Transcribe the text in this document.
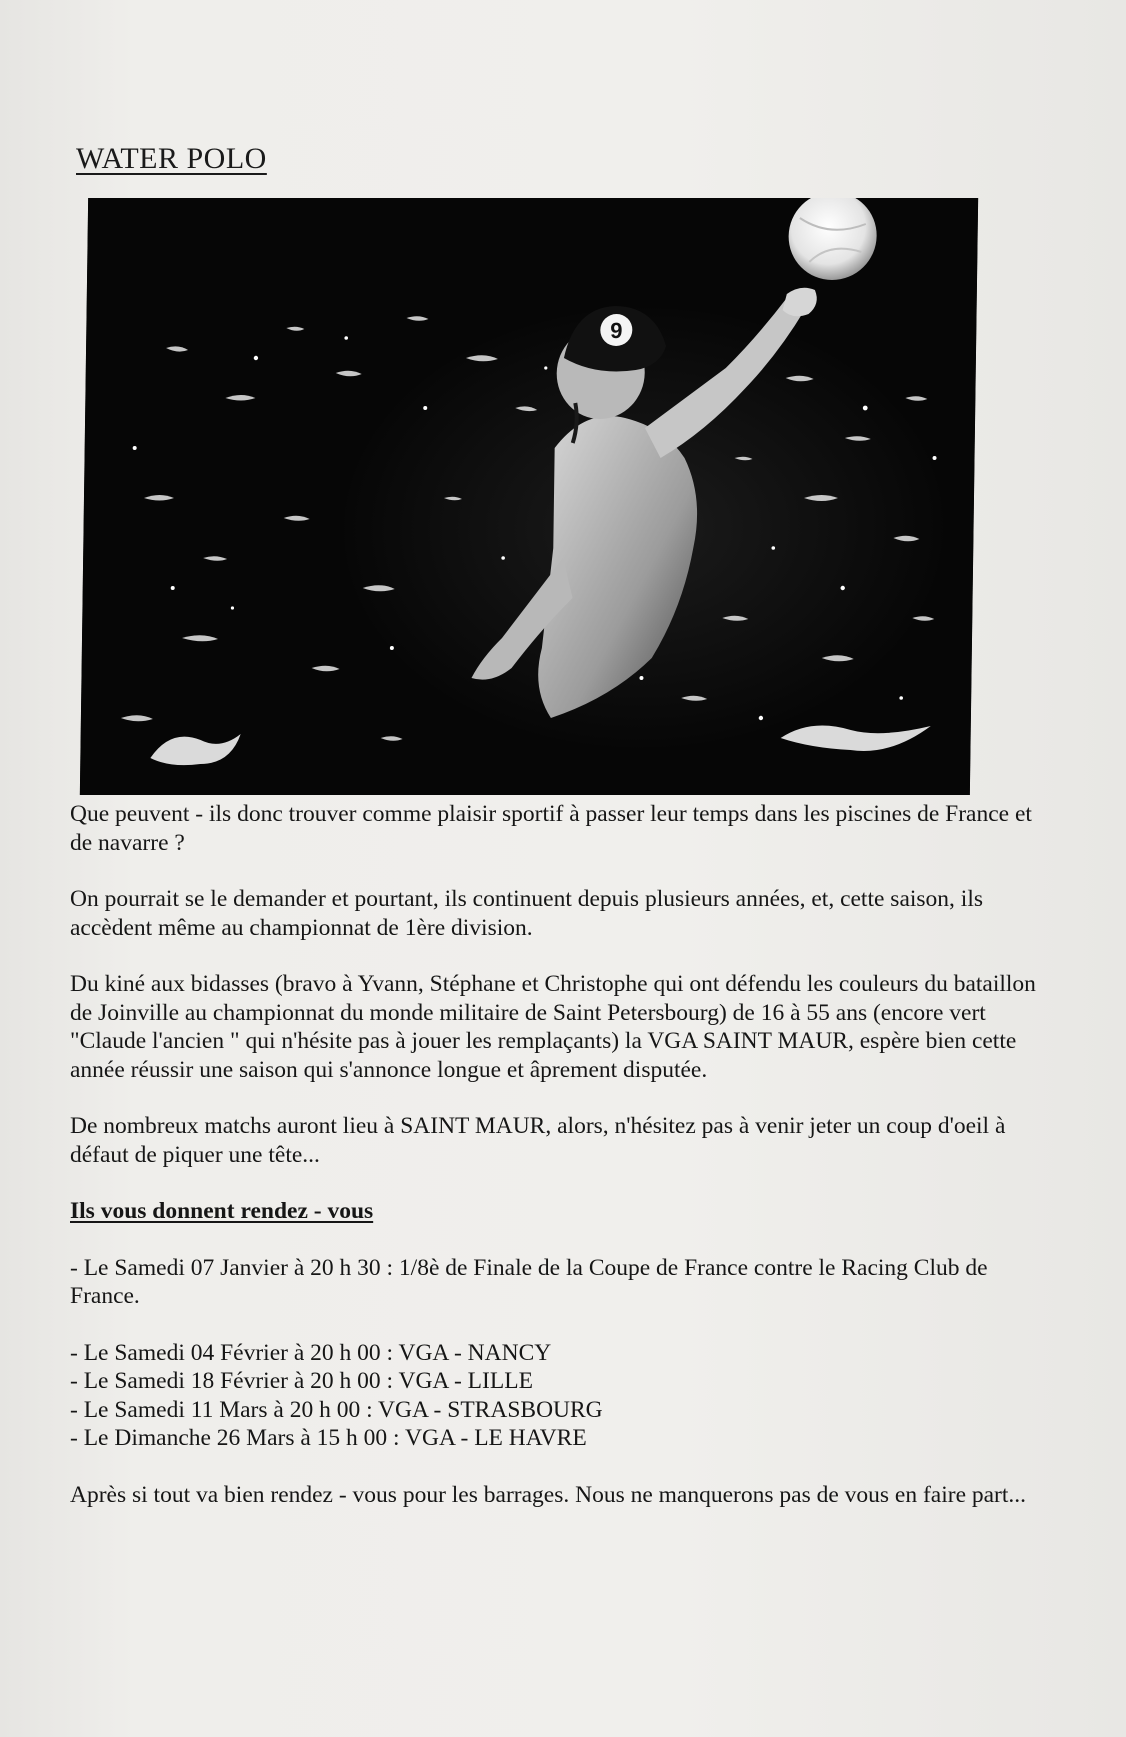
WATER POLO
9

Que peuvent - ils donc trouver comme plaisir sportif à passer leur temps dans les piscines de France et de navarre ?

On pourrait se le demander et pourtant, ils continuent depuis plusieurs années, et, cette saison, ils accèdent même au championnat de 1ère division.

Du kiné aux bidasses (bravo à Yvann, Stéphane et Christophe qui ont défendu les couleurs du bataillon de Joinville au championnat du monde militaire de Saint Petersbourg) de 16 à 55 ans (encore vert "Claude l'ancien " qui n'hésite pas à jouer les remplaçants) la VGA SAINT MAUR, espère bien cette année réussir une saison qui s'annonce longue et âprement disputée.

De nombreux matchs auront lieu à SAINT MAUR, alors, n'hésitez pas à venir jeter un coup d'oeil à défaut de piquer une tête...

Ils vous donnent rendez - vous

- Le Samedi 07 Janvier à 20 h 30 : 1/8è de Finale de la Coupe de France contre le Racing Club de France.

- Le Samedi 04 Février à 20 h 00 : VGA - NANCY
- Le Samedi 18 Février à 20 h 00 : VGA - LILLE
- Le Samedi 11 Mars à 20 h 00 : VGA - STRASBOURG
- Le Dimanche 26 Mars à 15 h 00 : VGA - LE HAVRE

Après si tout va bien rendez - vous pour les barrages. Nous ne manquerons pas de vous en faire part...
